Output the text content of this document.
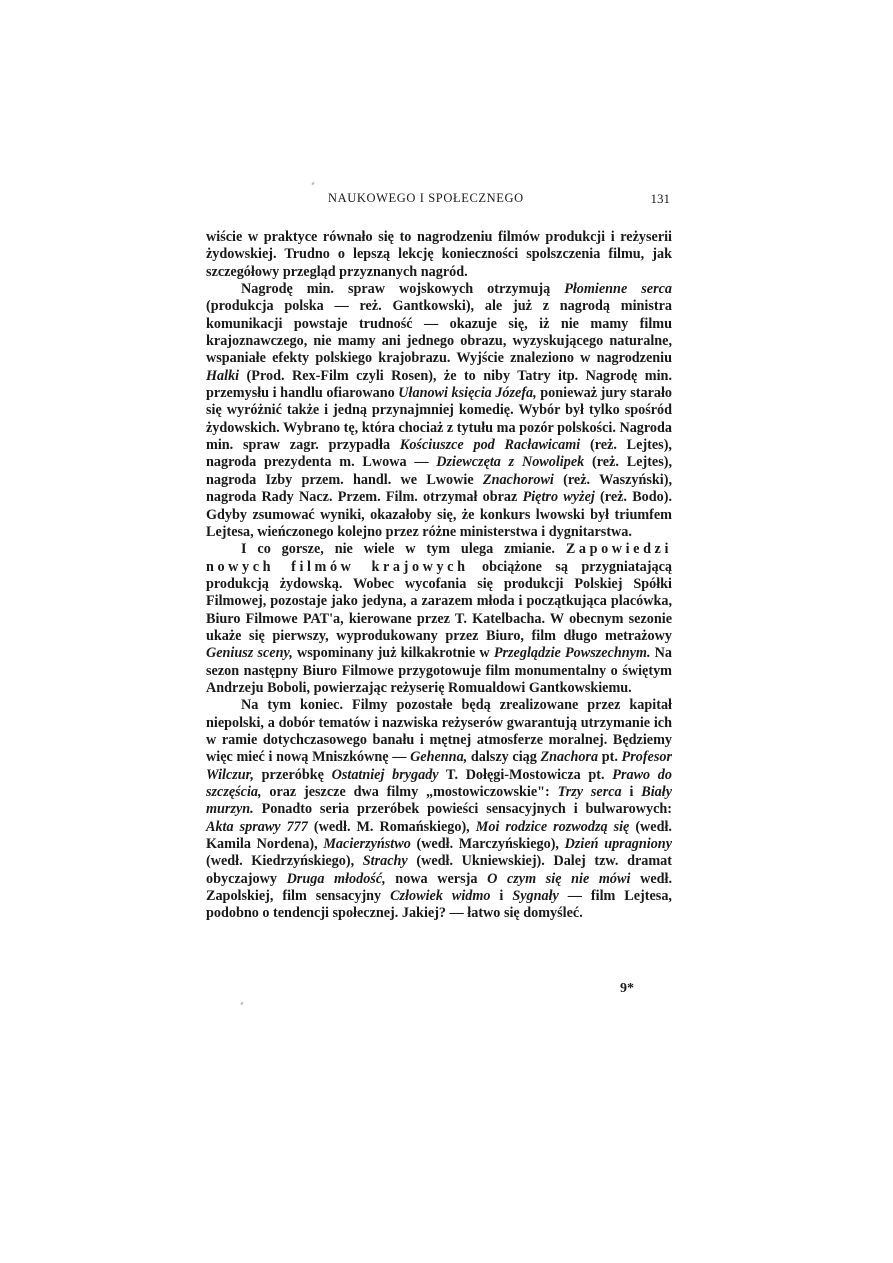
NAUKOWEGO I SPOŁECZNEGO	131

wiście w praktyce równało się to nagrodzeniu filmów produkcji i reżyserii żydowskiej. Trudno o lepszą lekcję konieczności spolszczenia filmu, jak szczegółowy przegląd przyznanych nagród.

Nagrodę min. spraw wojskowych otrzymują Płomienne serca (produkcja polska — reż. Gantkowski), ale już z nagrodą ministra komunikacji powstaje trudność — okazuje się, iż nie mamy filmu krajoznawczego, nie mamy ani jednego obrazu, wyzyskującego naturalne, wspaniałe efekty polskiego krajobrazu. Wyjście znaleziono w nagrodzeniu Halki (Prod. Rex-Film czyli Rosen), że to niby Tatry itp. Nagrodę min. przemysłu i handlu ofiarowano Ułanowi księcia Józefa, ponieważ jury starało się wyróżnić także i jedną przynajmniej komedię. Wybór był tylko spośród żydowskich. Wybrano tę, która chociaż z tytułu ma pozór polskości. Nagroda min. spraw zagr. przypadła Kościuszce pod Racławicami (reż. Lejtes), nagroda prezydenta m. Lwowa — Dziewczęta z Nowolipek (reż. Lejtes), nagroda Izby przem. handl. we Lwowie Znachorowi (reż. Waszyński), nagroda Rady Nacz. Przem. Film. otrzymał obraz Piętro wyżej (reż. Bodo). Gdyby zsumować wyniki, okazałoby się, że konkurs lwowski był triumfem Lejtesa, wieńczonego kolejno przez różne ministerstwa i dygnitarstwa.

I co gorsze, nie wiele w tym ulega zmianie. Zapowiedzi nowych filmów krajowych obciążone są przygniatającą produkcją żydowską. Wobec wycofania się produkcji Polskiej Spółki Filmowej, pozostaje jako jedyna, a zarazem młoda i początkująca placówka, Biuro Filmowe PAT'a, kierowane przez T. Katelbacha. W obecnym sezonie ukaże się pierwszy, wyprodukowany przez Biuro, film długo metrażowy Geniusz sceny, wspominany już kilkakrotnie w Przeglądzie Powszechnym. Na sezon następny Biuro Filmowe przygotowuje film monumentalny o świętym Andrzeju Boboli, powierzając reżyserię Romualdowi Gantkowskiemu.

Na tym koniec. Filmy pozostałe będą zrealizowane przez kapitał niepolski, a dobór tematów i nazwiska reżyserów gwarantują utrzymanie ich w ramie dotychczasowego banału i mętnej atmosferze moralnej. Będziemy więc mieć i nową Mniszkównę — Gehenna, dalszy ciąg Znachora pt. Profesor Wilczur, przeróbkę Ostatniej brygady T. Dołęgi-Mostowicza pt. Prawo do szczęścia, oraz jeszcze dwa filmy „mostowiczowskie": Trzy serca i Biały murzyn. Ponadto seria przeróbek powieści sensacyjnych i bulwarowych: Akta sprawy 777 (wedł. M. Romańskiego), Moi rodzice rozwodzą się (wedł. Kamila Nordena), Macierzyństwo (wedł. Marczyńskiego), Dzień upragniony (wedł. Kiedrzyńskiego), Strachy (wedł. Ukniewskiej). Dalej tzw. dramat obyczajowy Druga młodość, nowa wersja O czym się nie mówi wedł. Zapolskiej, film sensacyjny Człowiek widmo i Sygnały — film Lejtesa, podobno o tendencji społecznej. Jakiej? — łatwo się domyśleć.

9*
